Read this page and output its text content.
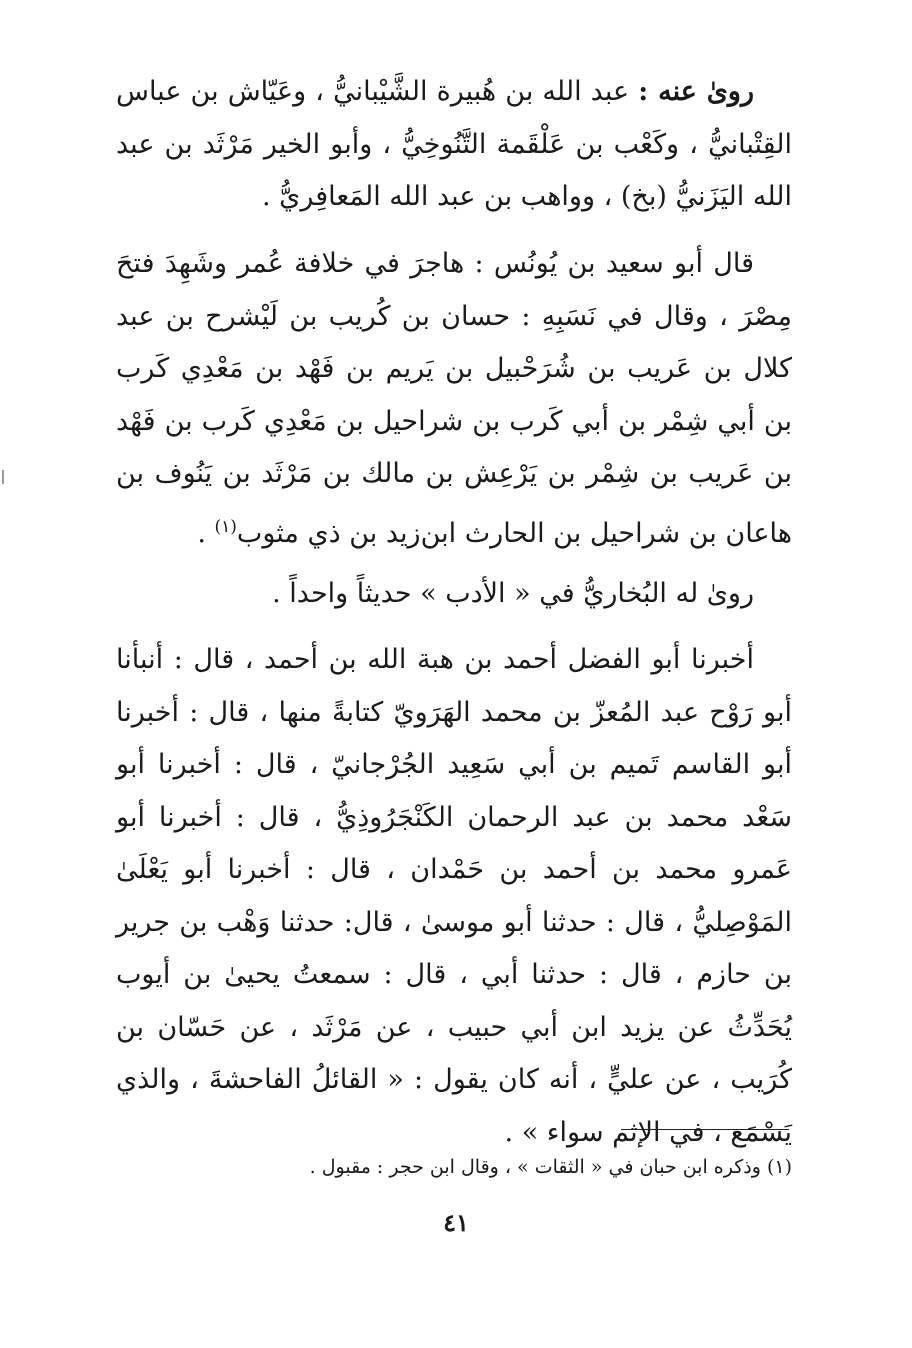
روىٰ عنه : عبد الله بن هُبيرة الشَّيْبانيُّ ، وعَيّاش بن عباس القِتْبانيُّ ، وكَعْب بن عَلْقَمة التَّنُوخِيُّ ، وأبو الخير مَرْثَد بن عبد الله اليَزَنيُّ (بخ) ، وواهب بن عبد الله المَعافِريُّ .

قال أبو سعيد بن يُونُس : هاجرَ في خلافة عُمر وشَهِدَ فتحَ مِصْرَ ، وقال في نَسَبِهِ : حسان بن كُريب بن لَيْشرح بن عبد كلال بن عَريب بن شُرَحْبيل بن يَريم بن فَهْد بن مَعْدِي كَرب بن أبي شِمْر بن أبي كَرب بن شراحيل بن مَعْدِي كَرب بن فَهْد بن عَريب بن شِمْر بن يَرْعِش بن مالك بن مَرْثَد بن يَنُوف بن هاعان بن شراحيل بن الحارث ابن‌زيد بن ذي مثوب$^{(١)}$ .

روىٰ له البُخاريُّ في « الأدب » حديثاً واحداً .

أخبرنا أبو الفضل أحمد بن هبة الله بن أحمد ، قال : أنبأنا أبو رَوْح عبد المُعزّ بن محمد الهَرَويّ كتابةً منها ، قال : أخبرنا أبو القاسم تَميم بن أبي سَعِيد الجُرْجانيّ ، قال : أخبرنا أبو سَعْد محمد بن عبد الرحمان الكَنْجَرُوذِيُّ ، قال : أخبرنا أبو عَمرو محمد بن أحمد بن حَمْدان ، قال : أخبرنا أبو يَعْلَىٰ المَوْصِليُّ ، قال : حدثنا أبو موسىٰ ، قال: حدثنا وَهْب بن جرير بن حازم ، قال : حدثنا أبي ، قال : سمعتُ يحيىٰ بن أيوب يُحَدِّثُ عن يزيد ابن أبي حبيب ، عن مَرْثَد ، عن حَسّان بن كُرَيب ، عن عليٍّ ، أنه كان يقول : « القائلُ الفاحشةَ ، والذي يَسْمَع ، في الإثم سواء » .

(١) وذكره ابن حبان في « الثقات » ، وقال ابن حجر : مقبول .
٤١
